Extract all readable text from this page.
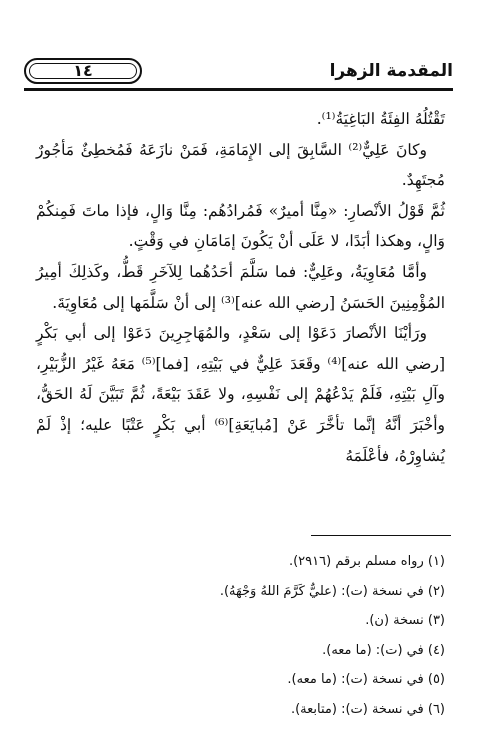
المقدمة الزهرا
١٤

تَقْتُلُهُ الفِئَةُ البَاغِيَةُ⁽¹⁾.

وكانَ عَلِيٌّ⁽²⁾ السَّابِقَ إلى الإِمَامَةِ، فَمَنْ نازَعَهُ فَمُخطِئٌ مَأجُورٌ مُجتَهِدٌ.

ثُمَّ قَوْلُ الأنْصارِ: «مِنَّا أميرٌ» فَمُرادُهُم: مِنَّا وَالٍ، فإذا ماتَ فَمِنكُمْ وَالٍ، وهكذا أبَدًا، لا عَلَى أنْ يَكُونَ إمَامَانِ في وَقْتٍ.

وأمَّا مُعَاوِيَةُ، وعَلِيٌّ: فما سَلَّمَ أحَدُهُما لِلآخَرِ قَطُّ، وكَذلِكَ أمِيرُ المُؤْمِنِينَ الحَسَنُ [رضي الله عنه]⁽³⁾ إلى أنْ سَلَّمَها إلى مُعَاوِيَةَ.

ورَأيْنَا الأنْصارَ دَعَوْا إلى سَعْدٍ، والمُهَاجِرِينَ دَعَوْا إلى أبي بَكْرٍ [رضي الله عنه]⁽⁴⁾ وقَعَدَ عَلِيٌّ في بَيْتِهِ، [فما]⁽⁵⁾ مَعَهُ غَيْرُ الزُّبَيْرِ، وآلِ بَيْتِهِ، فَلَمْ يَدْعُهُمْ إلى نَفْسِهِ، ولا عَقَدَ بَيْعَةً، ثُمَّ تَبَيَّنَ لَهُ الحَقُّ، وأخْبَرَ أنَّهُ إنَّما تأخَّرَ عَنْ [مُبايَعَةِ]⁽⁶⁾ أبي بَكْرٍ عَتْبًا عليه؛ إذْ لَمْ يُشاوِرْهُ، فأعْلَمَهُ

(١) رواه مسلم برقم (٢٩١٦).
(٢) في نسخة (ت): (عليٌّ كَرَّمَ اللهُ وَجْهَهُ).
(٣) نسخة (ن).
(٤) في (ت): (ما معه).
(٥) في نسخة (ت): (ما معه).
(٦) في نسخة (ت): (متابعة).
